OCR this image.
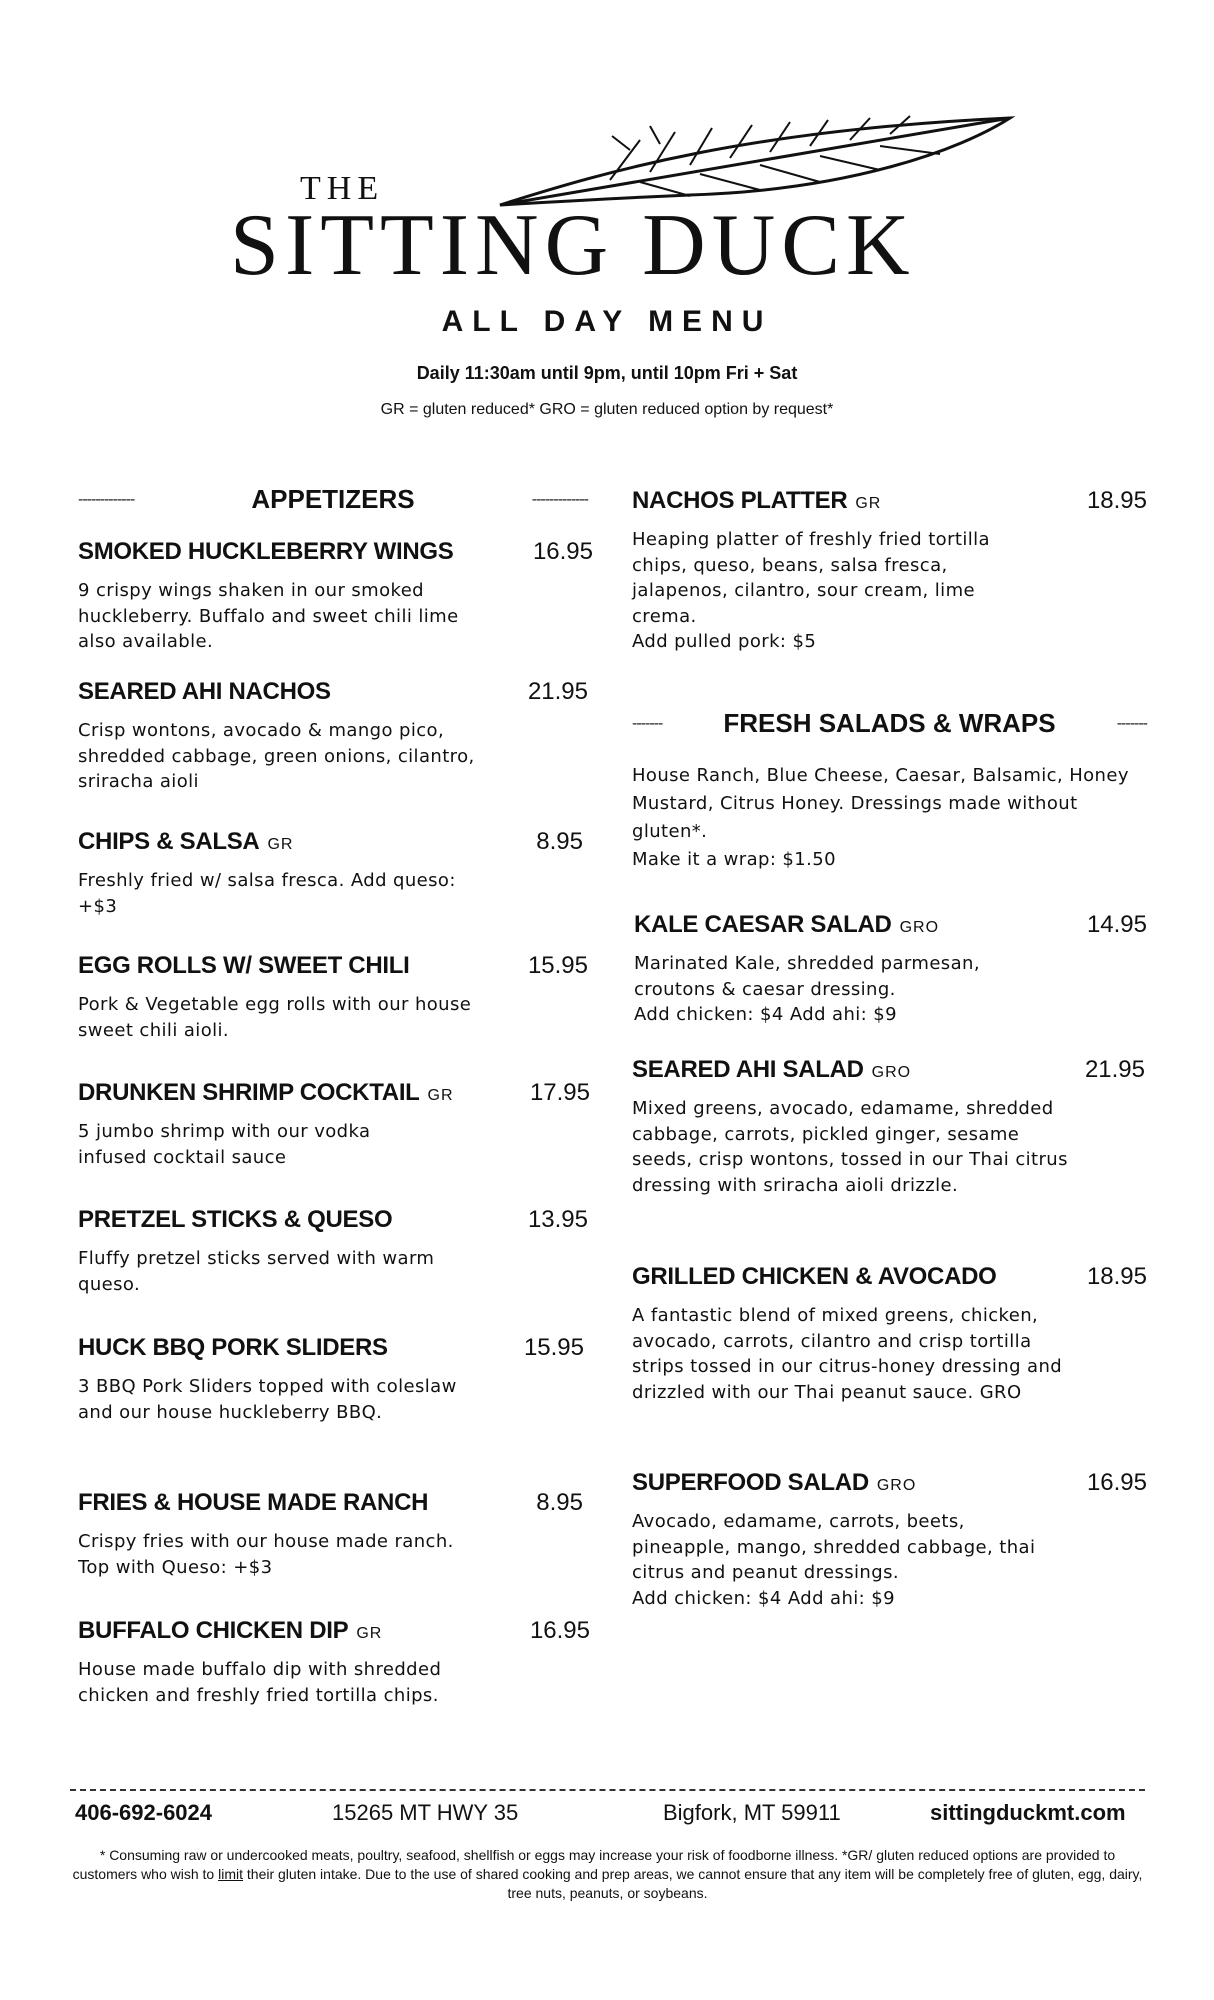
THE
SITTING DUCK
ALL DAY MENU
Daily 11:30am until 9pm, until 10pm Fri + Sat
GR = gluten reduced* GRO = gluten reduced option by request*
-------------	APPETIZERS	-------------
SMOKED HUCKLEBERRY WINGS	16.95

9 crispy wings shaken in our smoked huckleberry. Buffalo and sweet chili lime also available.

SEARED AHI NACHOS	21.95

Crisp wontons, avocado & mango pico, shredded cabbage, green onions, cilantro, sriracha aioli

CHIPS & SALSA GR	8.95

Freshly fried w/ salsa fresca. Add queso: +$3

EGG ROLLS W/ SWEET CHILI	15.95

Pork & Vegetable egg rolls with our house sweet chili aioli.

DRUNKEN SHRIMP COCKTAIL GR	17.95

5 jumbo shrimp with our vodka infused cocktail sauce

PRETZEL STICKS & QUESO	13.95

Fluffy pretzel sticks served with warm queso.

HUCK BBQ PORK SLIDERS	15.95

3 BBQ Pork Sliders topped with coleslaw and our house huckleberry BBQ.

FRIES & HOUSE MADE RANCH	8.95

Crispy fries with our house made ranch.

Top with Queso: +$3

BUFFALO CHICKEN DIP GR	16.95

House made buffalo dip with shredded chicken and freshly fried tortilla chips.

NACHOS PLATTER GR	18.95

Heaping platter of freshly fried tortilla chips, queso, beans, salsa fresca, jalapenos, cilantro, sour cream, lime crema.

Add pulled pork: $5

------- FRESH SALADS & WRAPS	-------

House Ranch, Blue Cheese, Caesar, Balsamic, Honey Mustard, Citrus Honey. Dressings made without gluten*.

Make it a wrap: $1.50

KALE CAESAR SALAD GRO	14.95

Marinated Kale, shredded parmesan, croutons & caesar dressing.

Add chicken: $4 Add ahi: $9

SEARED AHI SALAD GRO	21.95

Mixed greens, avocado, edamame, shredded cabbage, carrots, pickled ginger, sesame seeds, crisp wontons, tossed in our Thai citrus dressing with sriracha aioli drizzle.

GRILLED CHICKEN & AVOCADO	18.95

A fantastic blend of mixed greens, chicken, avocado, carrots, cilantro and crisp tortilla strips tossed in our citrus-honey dressing and drizzled with our Thai peanut sauce. GRO

SUPERFOOD SALAD GRO	16.95

Avocado, edamame, carrots, beets, pineapple, mango, shredded cabbage, thai citrus and peanut dressings.

Add chicken: $4 Add ahi: $9

406-692-6024	15265 MT HWY 35	Bigfork, MT 59911	sittingduckmt.com
* Consuming raw or undercooked meats, poultry, seafood, shellfish or eggs may increase your risk of foodborne illness. *GR/ gluten reduced options are provided to customers who wish to limit their gluten intake. Due to the use of shared cooking and prep areas, we cannot ensure that any item will be completely free of gluten, egg, dairy, tree nuts, peanuts, or soybeans.
